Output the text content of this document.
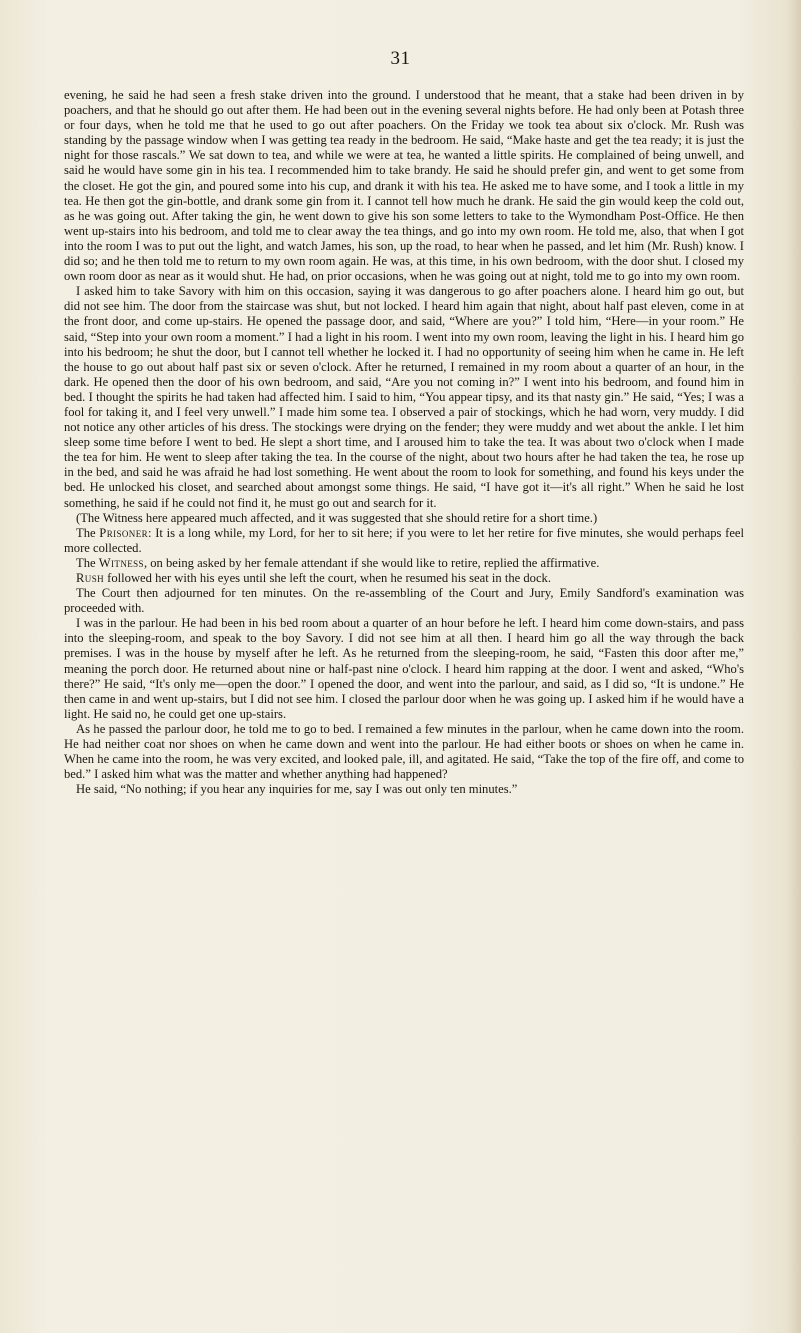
31

evening, he said he had seen a fresh stake driven into the ground. I understood that he meant, that a stake had been driven in by poachers, and that he should go out after them. He had been out in the evening several nights before. He had only been at Potash three or four days, when he told me that he used to go out after poachers. On the Friday we took tea about six o'clock. Mr. Rush was standing by the passage window when I was getting tea ready in the bedroom. He said, “Make haste and get the tea ready; it is just the night for those rascals.” We sat down to tea, and while we were at tea, he wanted a little spirits. He complained of being unwell, and said he would have some gin in his tea. I recommended him to take brandy. He said he should prefer gin, and went to get some from the closet. He got the gin, and poured some into his cup, and drank it with his tea. He asked me to have some, and I took a little in my tea. He then got the gin-bottle, and drank some gin from it. I cannot tell how much he drank. He said the gin would keep the cold out, as he was going out. After taking the gin, he went down to give his son some letters to take to the Wymondham Post-Office. He then went up-stairs into his bedroom, and told me to clear away the tea things, and go into my own room. He told me, also, that when I got into the room I was to put out the light, and watch James, his son, up the road, to hear when he passed, and let him (Mr. Rush) know. I did so; and he then told me to return to my own room again. He was, at this time, in his own bedroom, with the door shut. I closed my own room door as near as it would shut. He had, on prior occasions, when he was going out at night, told me to go into my own room.

I asked him to take Savory with him on this occasion, saying it was dangerous to go after poachers alone. I heard him go out, but did not see him. The door from the staircase was shut, but not locked. I heard him again that night, about half past eleven, come in at the front door, and come up-stairs. He opened the passage door, and said, “Where are you?” I told him, “Here—in your room.” He said, “Step into your own room a moment.” I had a light in his room. I went into my own room, leaving the light in his. I heard him go into his bedroom; he shut the door, but I cannot tell whether he locked it. I had no opportunity of seeing him when he came in. He left the house to go out about half past six or seven o'clock. After he returned, I remained in my room about a quarter of an hour, in the dark. He opened then the door of his own bedroom, and said, “Are you not coming in?” I went into his bedroom, and found him in bed. I thought the spirits he had taken had affected him. I said to him, “You appear tipsy, and its that nasty gin.” He said, “Yes; I was a fool for taking it, and I feel very unwell.” I made him some tea. I observed a pair of stockings, which he had worn, very muddy. I did not notice any other articles of his dress. The stockings were drying on the fender; they were muddy and wet about the ankle. I let him sleep some time before I went to bed. He slept a short time, and I aroused him to take the tea. It was about two o'clock when I made the tea for him. He went to sleep after taking the tea. In the course of the night, about two hours after he had taken the tea, he rose up in the bed, and said he was afraid he had lost something. He went about the room to look for something, and found his keys under the bed. He unlocked his closet, and searched about amongst some things. He said, “I have got it—it's all right.” When he said he lost something, he said if he could not find it, he must go out and search for it.

(The Witness here appeared much affected, and it was suggested that she should retire for a short time.)

The Prisoner: It is a long while, my Lord, for her to sit here; if you were to let her retire for five minutes, she would perhaps feel more collected.

The Witness, on being asked by her female attendant if she would like to retire, replied the affirmative.

Rush followed her with his eyes until she left the court, when he resumed his seat in the dock.

The Court then adjourned for ten minutes. On the re-assembling of the Court and Jury, Emily Sandford's examination was proceeded with.

I was in the parlour. He had been in his bed room about a quarter of an hour before he left. I heard him come down-stairs, and pass into the sleeping-room, and speak to the boy Savory. I did not see him at all then. I heard him go all the way through the back premises. I was in the house by myself after he left. As he returned from the sleeping-room, he said, “Fasten this door after me,” meaning the porch door. He returned about nine or half-past nine o'clock. I heard him rapping at the door. I went and asked, “Who's there?” He said, “It's only me—open the door.” I opened the door, and went into the parlour, and said, as I did so, “It is undone.” He then came in and went up-stairs, but I did not see him. I closed the parlour door when he was going up. I asked him if he would have a light. He said no, he could get one up-stairs.

As he passed the parlour door, he told me to go to bed. I remained a few minutes in the parlour, when he came down into the room. He had neither coat nor shoes on when he came down and went into the parlour. He had either boots or shoes on when he came in. When he came into the room, he was very excited, and looked pale, ill, and agitated. He said, “Take the top of the fire off, and come to bed.” I asked him what was the matter and whether anything had happened?

He said, “No nothing; if you hear any inquiries for me, say I was out only ten minutes.”
